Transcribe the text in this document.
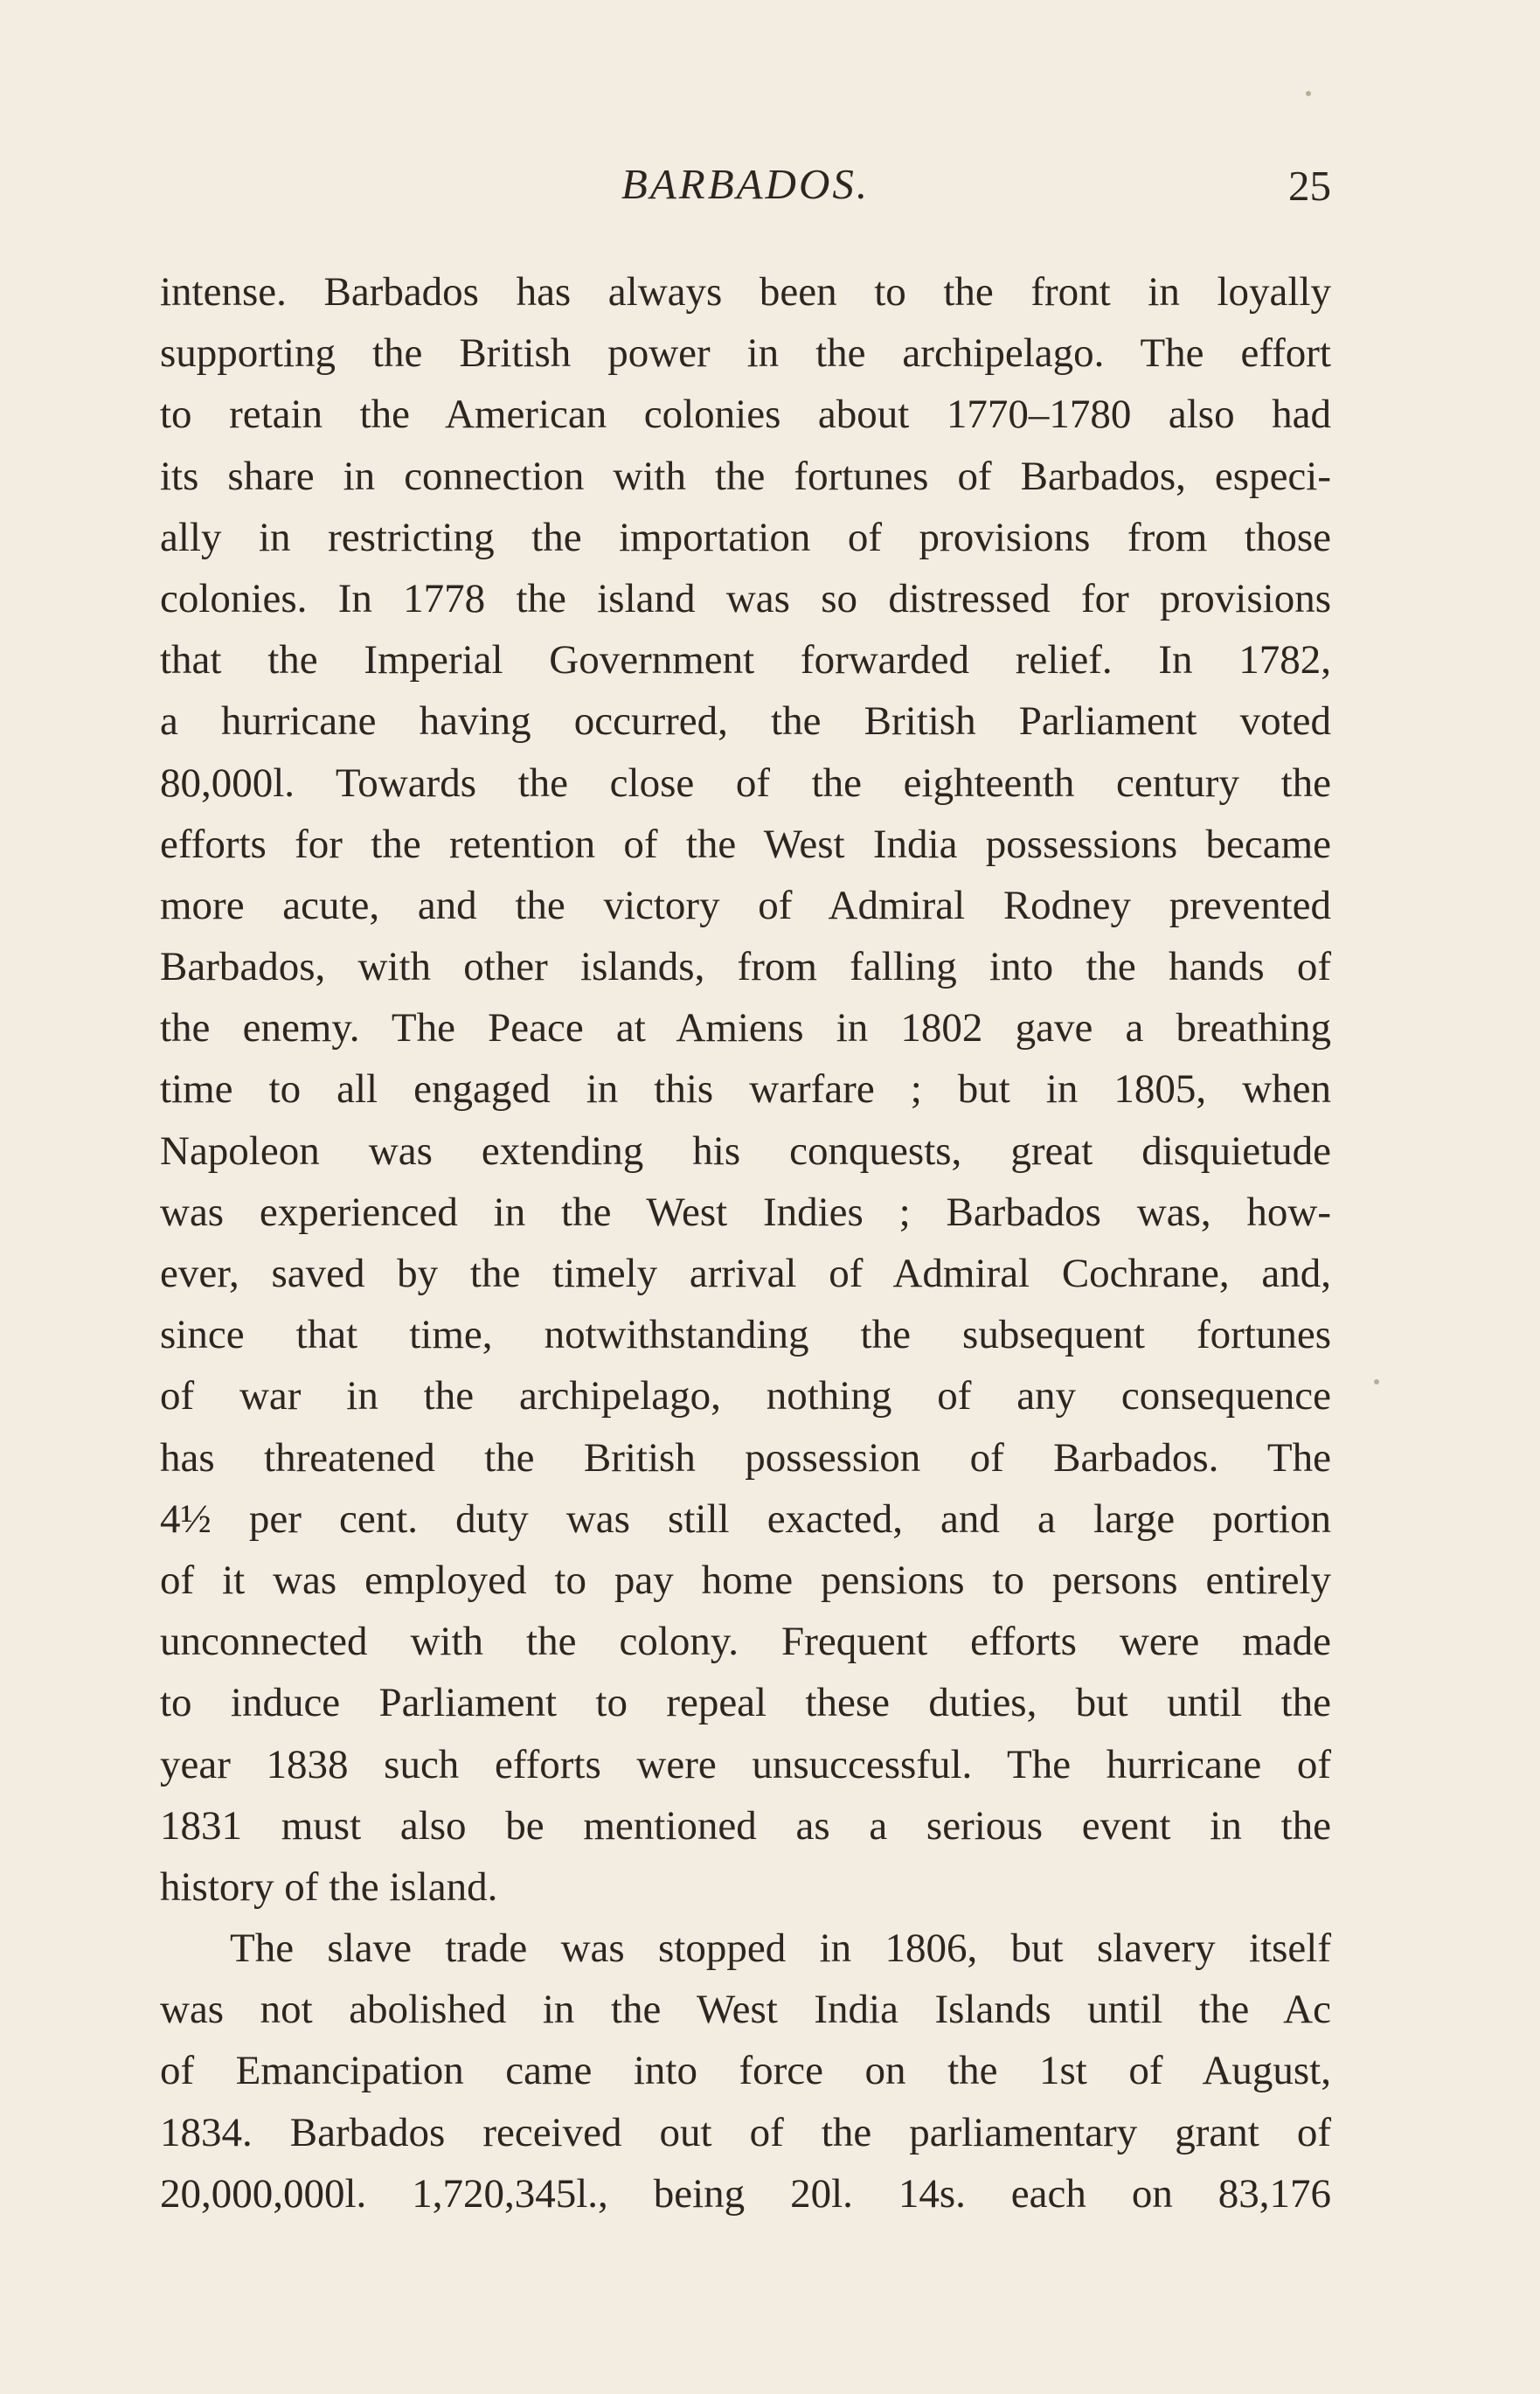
BARBADOS.	25
intense. Barbados has always been to the front in loyally
supporting the British power in the archipelago. The effort
to retain the American colonies about 1770–1780 also had
its share in connection with the fortunes of Barbados, especi-
ally in restricting the importation of provisions from those
colonies. In 1778 the island was so distressed for provisions
that the Imperial Government forwarded relief. In 1782,
a hurricane having occurred, the British Parliament voted
80,000l. Towards the close of the eighteenth century the
efforts for the retention of the West India possessions became
more acute, and the victory of Admiral Rodney prevented
Barbados, with other islands, from falling into the hands of
the enemy. The Peace at Amiens in 1802 gave a breathing
time to all engaged in this warfare ; but in 1805, when
Napoleon was extending his conquests, great disquietude
was experienced in the West Indies ; Barbados was, how-
ever, saved by the timely arrival of Admiral Cochrane, and,
since that time, notwithstanding the subsequent fortunes
of war in the archipelago, nothing of any consequence
has threatened the British possession of Barbados. The
4½ per cent. duty was still exacted, and a large portion
of it was employed to pay home pensions to persons entirely
unconnected with the colony. Frequent efforts were made
to induce Parliament to repeal these duties, but until the
year 1838 such efforts were unsuccessful. The hurricane of
1831 must also be mentioned as a serious event in the
history of the island.
The slave trade was stopped in 1806, but slavery itself
was not abolished in the West India Islands until the Ac
of Emancipation came into force on the 1st of August,
1834. Barbados received out of the parliamentary grant of
20,000,000l. 1,720,345l., being 20l. 14s. each on 83,176
